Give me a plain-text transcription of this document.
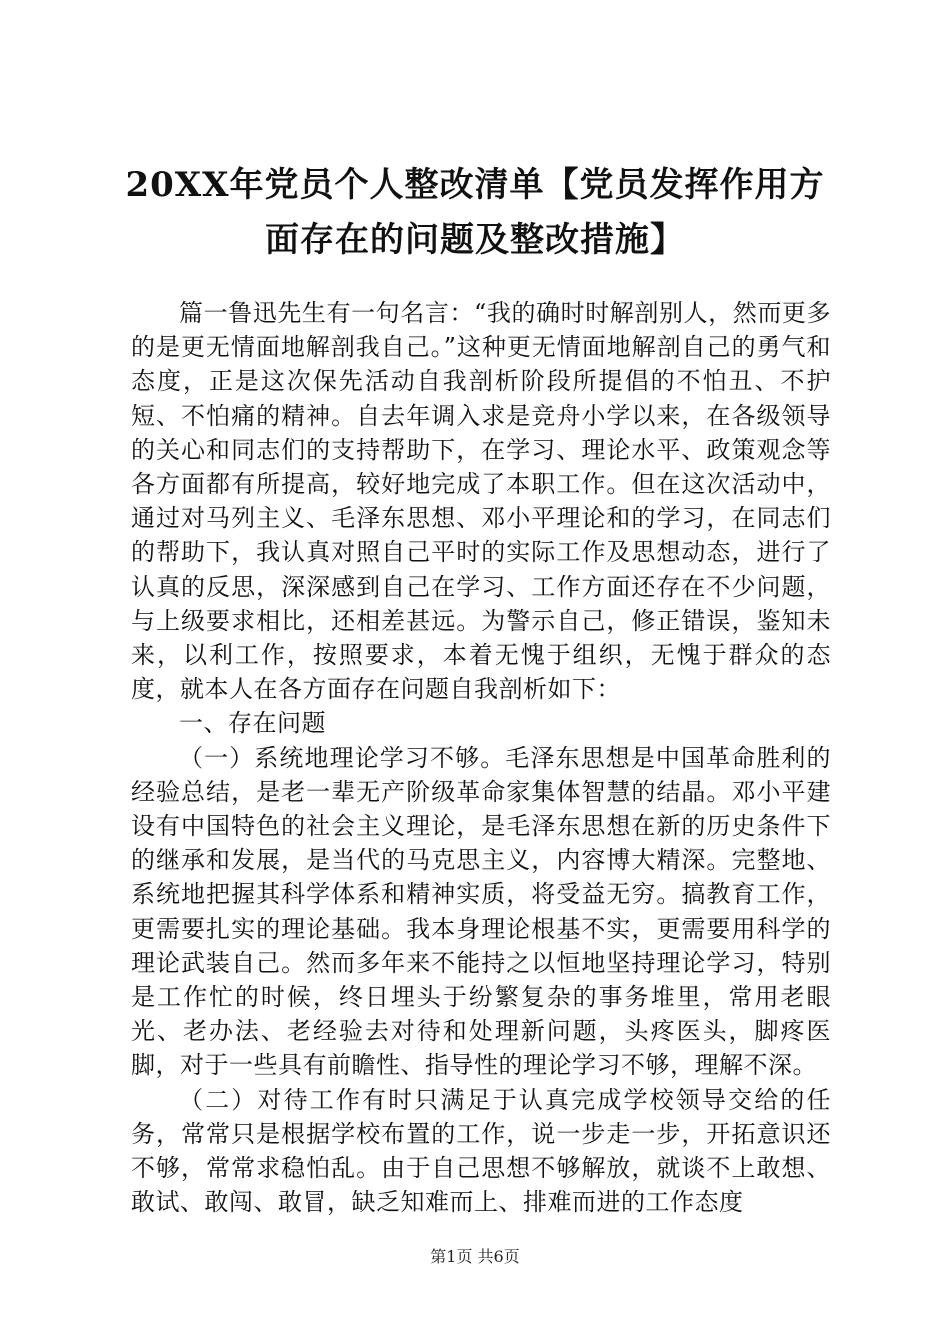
20XX年党员个人整改清单【党员发挥作用方面存在的问题及整改措施】

篇一鲁迅先生有一句名言：“我的确时时解剖别人，然而更多的是更无情面地解剖我自己。”这种更无情面地解剖自己的勇气和态度，正是这次保先活动自我剖析阶段所提倡的不怕丑、不护短、不怕痛的精神。自去年调入求是竞舟小学以来，在各级领导的关心和同志们的支持帮助下，在学习、理论水平、政策观念等各方面都有所提高，较好地完成了本职工作。但在这次活动中，通过对马列主义、毛泽东思想、邓小平理论和的学习，在同志们的帮助下，我认真对照自己平时的实际工作及思想动态，进行了认真的反思，深深感到自己在学习、工作方面还存在不少问题，与上级要求相比，还相差甚远。为警示自己，修正错误，鉴知未来，以利工作，按照要求，本着无愧于组织，无愧于群众的态度，就本人在各方面存在问题自我剖析如下：

一、存在问题

（一）系统地理论学习不够。毛泽东思想是中国革命胜利的经验总结，是老一辈无产阶级革命家集体智慧的结晶。邓小平建设有中国特色的社会主义理论，是毛泽东思想在新的历史条件下的继承和发展，是当代的马克思主义，内容博大精深。完整地、系统地把握其科学体系和精神实质，将受益无穷。搞教育工作，更需要扎实的理论基础。我本身理论根基不实，更需要用科学的理论武装自己。然而多年来不能持之以恒地坚持理论学习，特别是工作忙的时候，终日埋头于纷繁复杂的事务堆里，常用老眼光、老办法、老经验去对待和处理新问题，头疼医头，脚疼医脚，对于一些具有前瞻性、指导性的理论学习不够，理解不深。

（二）对待工作有时只满足于认真完成学校领导交给的任务，常常只是根据学校布置的工作，说一步走一步，开拓意识还不够，常常求稳怕乱。由于自己思想不够解放，就谈不上敢想、敢试、敢闯、敢冒，缺乏知难而上、排难而进的工作态度

第1页 共6页
